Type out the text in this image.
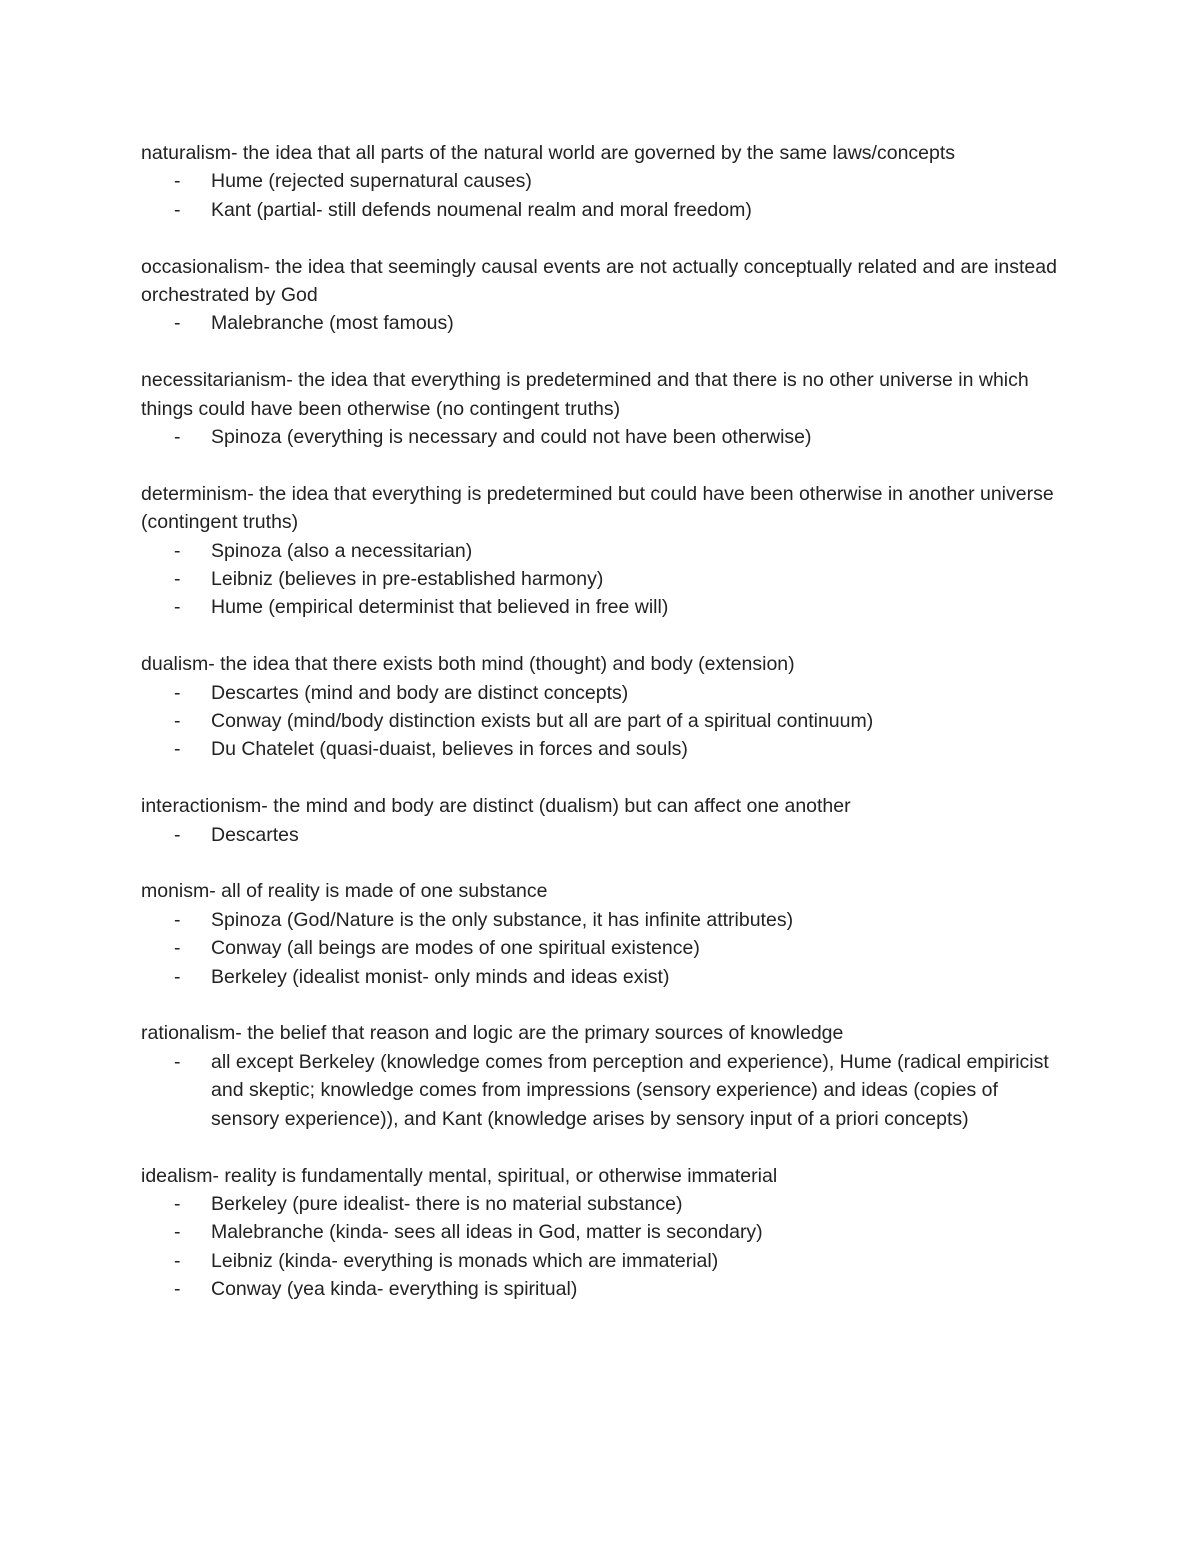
naturalism- the idea that all parts of the natural world are governed by the same laws/concepts

- Hume (rejected supernatural causes)
- Kant (partial- still defends noumenal realm and moral freedom)

occasionalism- the idea that seemingly causal events are not actually conceptually related and are instead orchestrated by God

- Malebranche (most famous)

necessitarianism- the idea that everything is predetermined and that there is no other universe in which things could have been otherwise (no contingent truths)

- Spinoza (everything is necessary and could not have been otherwise)

determinism- the idea that everything is predetermined but could have been otherwise in another universe (contingent truths)

- Spinoza (also a necessitarian)
- Leibniz (believes in pre-established harmony)
- Hume (empirical determinist that believed in free will)

dualism- the idea that there exists both mind (thought) and body (extension)

- Descartes (mind and body are distinct concepts)
- Conway (mind/body distinction exists but all are part of a spiritual continuum)
- Du Chatelet (quasi-duaist, believes in forces and souls)

interactionism- the mind and body are distinct (dualism) but can affect one another

- Descartes

monism- all of reality is made of one substance

- Spinoza (God/Nature is the only substance, it has infinite attributes)
- Conway (all beings are modes of one spiritual existence)
- Berkeley (idealist monist- only minds and ideas exist)

rationalism- the belief that reason and logic are the primary sources of knowledge

- all except Berkeley (knowledge comes from perception and experience), Hume (radical empiricist and skeptic; knowledge comes from impressions (sensory experience) and ideas (copies of sensory experience)), and Kant (knowledge arises by sensory input of a priori concepts)

idealism- reality is fundamentally mental, spiritual, or otherwise immaterial

- Berkeley (pure idealist- there is no material substance)
- Malebranche (kinda- sees all ideas in God, matter is secondary)
- Leibniz (kinda- everything is monads which are immaterial)
- Conway (yea kinda- everything is spiritual)
